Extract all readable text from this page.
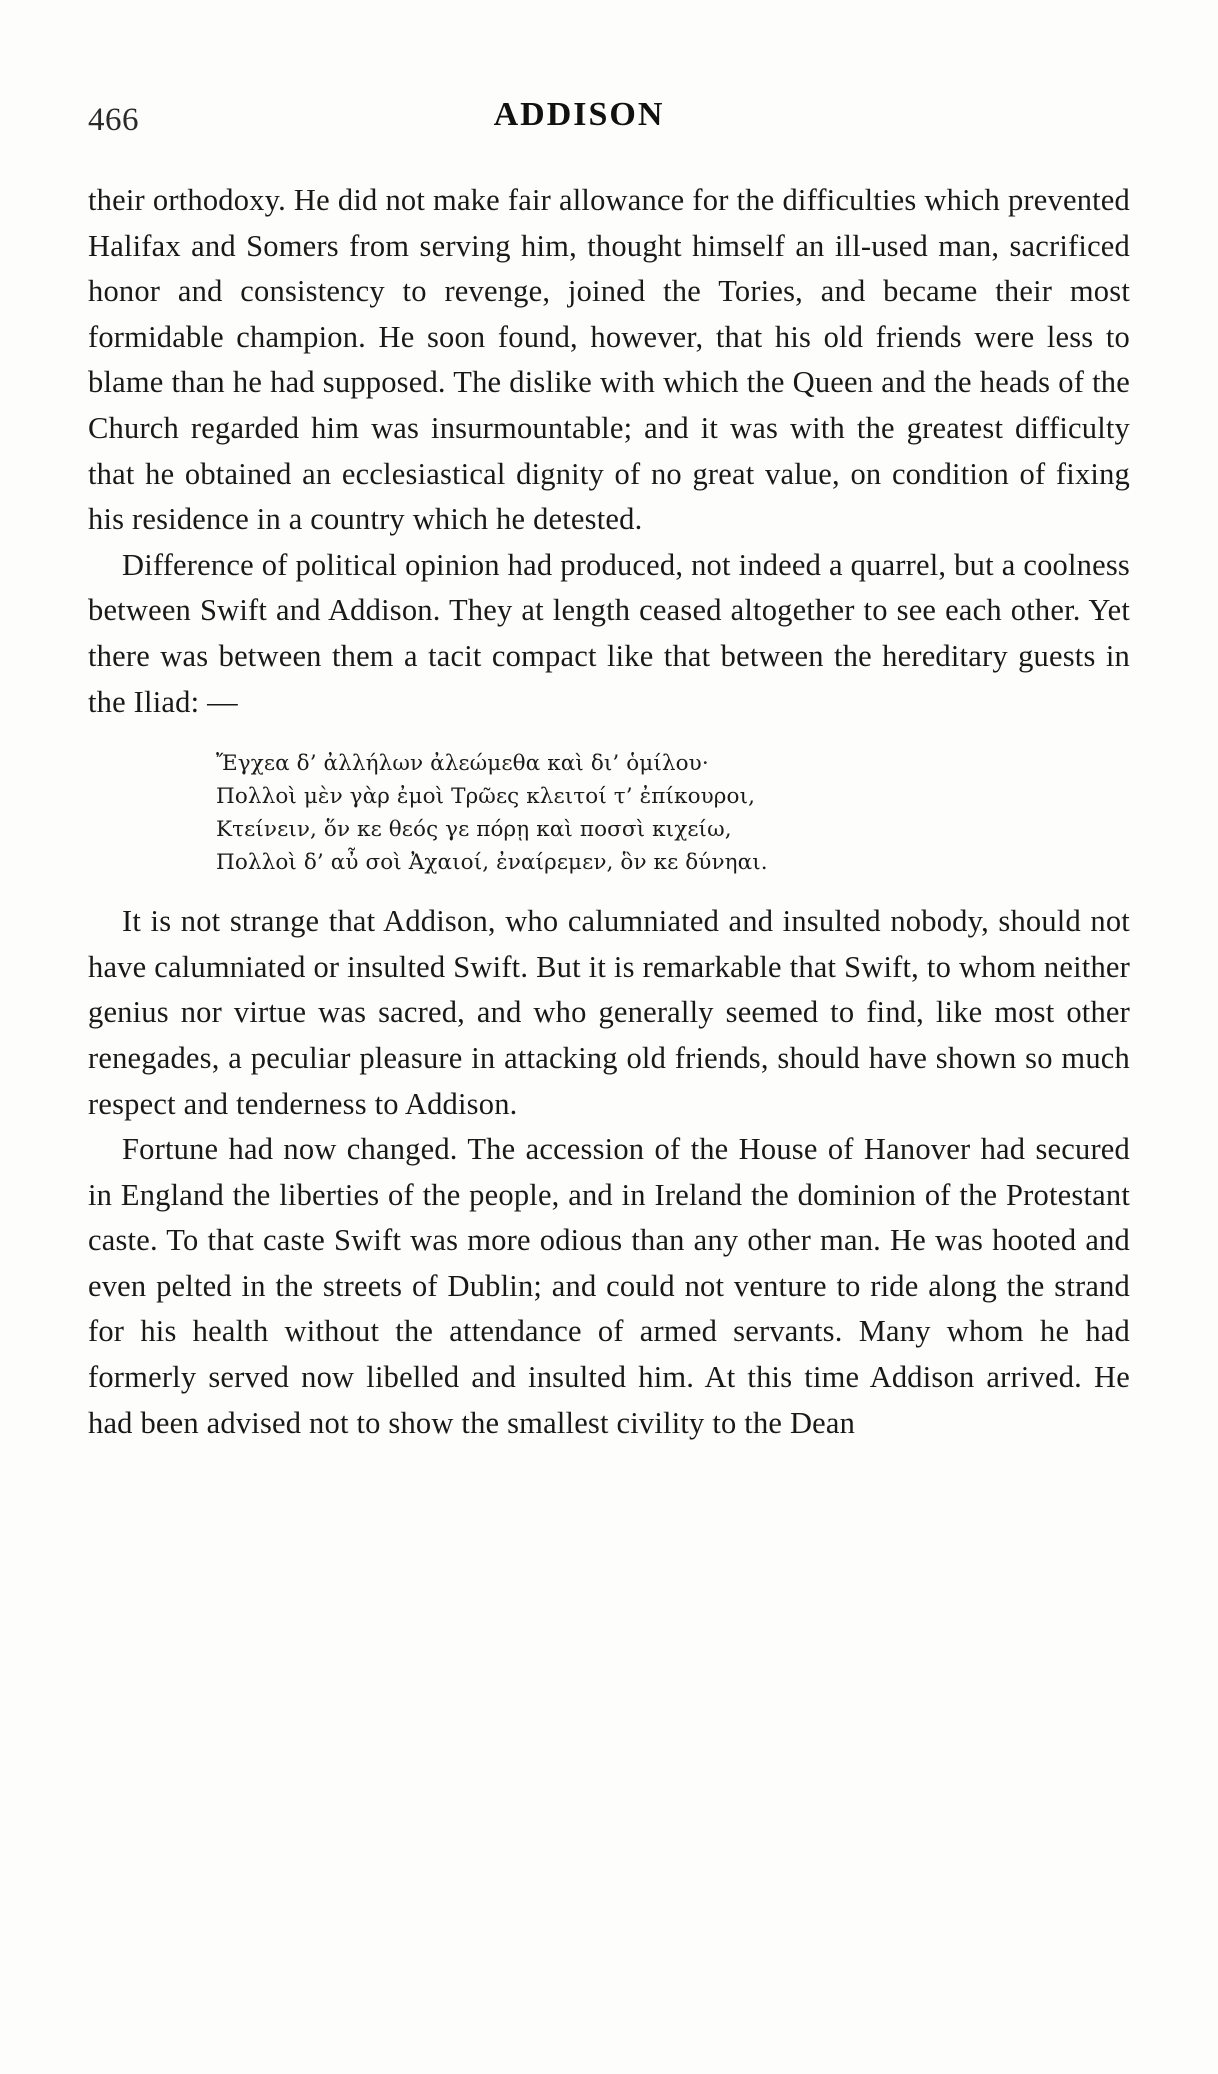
466	ADDISON

their orthodoxy. He did not make fair allowance for the difficulties which prevented Halifax and Somers from serving him, thought himself an ill-used man, sacrificed honor and consistency to revenge, joined the Tories, and became their most formidable champion. He soon found, however, that his old friends were less to blame than he had supposed. The dislike with which the Queen and the heads of the Church regarded him was insurmountable; and it was with the greatest difficulty that he obtained an ecclesiastical dignity of no great value, on condition of fixing his residence in a country which he detested.

Difference of political opinion had produced, not indeed a quarrel, but a coolness between Swift and Addison. They at length ceased altogether to see each other. Yet there was between them a tacit compact like that between the hereditary guests in the Iliad: —

Ἔγχεα δ’ ἀλλήλων ἀλεώμεθα καὶ δι’ ὁμίλου·
Πολλοὶ μὲν γὰρ ἐμοὶ Τρῶες κλειτοί τ’ ἐπίκουροι,
Κτείνειν, ὅν κε θεός γε πόρῃ καὶ ποσσὶ κιχείω,
Πολλοὶ δ’ αὖ σοὶ Ἀχαιοί, ἐναίρεμεν, ὃν κε δύνηαι.

It is not strange that Addison, who calumniated and insulted nobody, should not have calumniated or insulted Swift. But it is remarkable that Swift, to whom neither genius nor virtue was sacred, and who generally seemed to find, like most other renegades, a peculiar pleasure in attacking old friends, should have shown so much respect and tenderness to Addison.

Fortune had now changed. The accession of the House of Hanover had secured in England the liberties of the people, and in Ireland the dominion of the Protestant caste. To that caste Swift was more odious than any other man. He was hooted and even pelted in the streets of Dublin; and could not venture to ride along the strand for his health without the attendance of armed servants. Many whom he had formerly served now libelled and insulted him. At this time Addison arrived. He had been advised not to show the smallest civility to the Dean
